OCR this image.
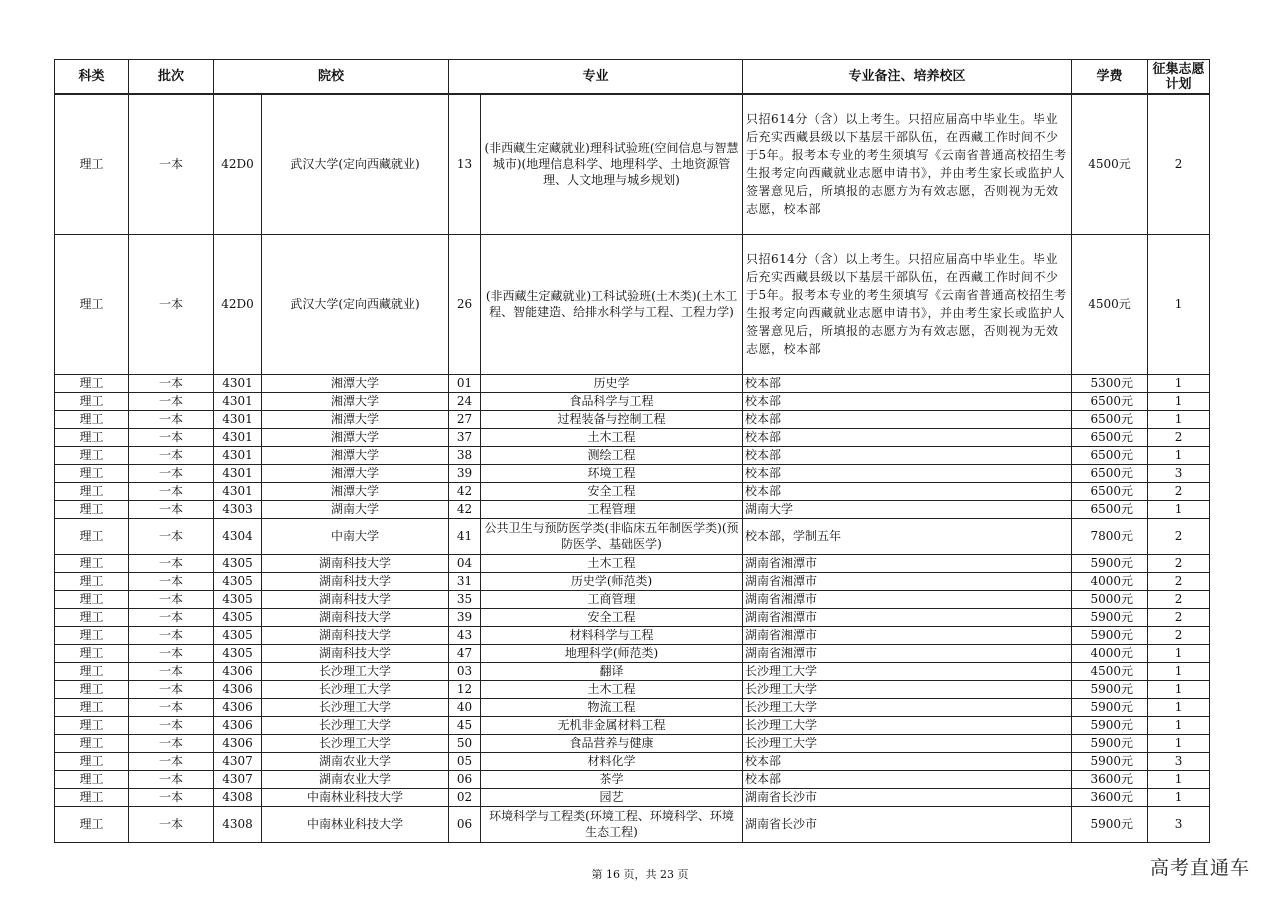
科类	批次	院校		专业		专业备注、培养校区	学费	征集志愿计划
理工	一本	42D0	武汉大学(定向西藏就业)	13	(非西藏生定藏就业)理科试验班(空间信息与智慧城市)(地理信息科学、地理科学、土地资源管理、人文地理与城乡规划)	只招614分（含）以上考生。只招应届高中毕业生。毕业后充实西藏县级以下基层干部队伍，在西藏工作时间不少于5年。报考本专业的考生须填写《云南省普通高校招生考生报考定向西藏就业志愿申请书》，并由考生家长或监护人签署意见后，所填报的志愿方为有效志愿，否则视为无效志愿，校本部	4500元	2
理工	一本	42D0	武汉大学(定向西藏就业)	26	(非西藏生定藏就业)工科试验班(土木类)(土木工程、智能建造、给排水科学与工程、工程力学)	只招614分（含）以上考生。只招应届高中毕业生。毕业后充实西藏县级以下基层干部队伍，在西藏工作时间不少于5年。报考本专业的考生须填写《云南省普通高校招生考生报考定向西藏就业志愿申请书》，并由考生家长或监护人签署意见后，所填报的志愿方为有效志愿，否则视为无效志愿，校本部	4500元	1
理工	一本	4301	湘潭大学	01	历史学	校本部	5300元	1
理工	一本	4301	湘潭大学	24	食品科学与工程	校本部	6500元	1
理工	一本	4301	湘潭大学	27	过程装备与控制工程	校本部	6500元	1
理工	一本	4301	湘潭大学	37	土木工程	校本部	6500元	2
理工	一本	4301	湘潭大学	38	测绘工程	校本部	6500元	1
理工	一本	4301	湘潭大学	39	环境工程	校本部	6500元	3
理工	一本	4301	湘潭大学	42	安全工程	校本部	6500元	2
理工	一本	4303	湖南大学	42	工程管理	湖南大学	6500元	1
理工	一本	4304	中南大学	41	公共卫生与预防医学类(非临床五年制医学类)(预防医学、基础医学)	校本部，学制五年	7800元	2
理工	一本	4305	湖南科技大学	04	土木工程	湖南省湘潭市	5900元	2
理工	一本	4305	湖南科技大学	31	历史学(师范类)	湖南省湘潭市	4000元	2
理工	一本	4305	湖南科技大学	35	工商管理	湖南省湘潭市	5000元	2
理工	一本	4305	湖南科技大学	39	安全工程	湖南省湘潭市	5900元	2
理工	一本	4305	湖南科技大学	43	材料科学与工程	湖南省湘潭市	5900元	2
理工	一本	4305	湖南科技大学	47	地理科学(师范类)	湖南省湘潭市	4000元	1
理工	一本	4306	长沙理工大学	03	翻译	长沙理工大学	4500元	1
理工	一本	4306	长沙理工大学	12	土木工程	长沙理工大学	5900元	1
理工	一本	4306	长沙理工大学	40	物流工程	长沙理工大学	5900元	1
理工	一本	4306	长沙理工大学	45	无机非金属材料工程	长沙理工大学	5900元	1
理工	一本	4306	长沙理工大学	50	食品营养与健康	长沙理工大学	5900元	1
理工	一本	4307	湖南农业大学	05	材料化学	校本部	5900元	3
理工	一本	4307	湖南农业大学	06	茶学	校本部	3600元	1
理工	一本	4308	中南林业科技大学	02	园艺	湖南省长沙市	3600元	1
理工	一本	4308	中南林业科技大学	06	环境科学与工程类(环境工程、环境科学、环境生态工程)	湖南省长沙市	5900元	3
第 16 页，共 23 页	高考直通车
